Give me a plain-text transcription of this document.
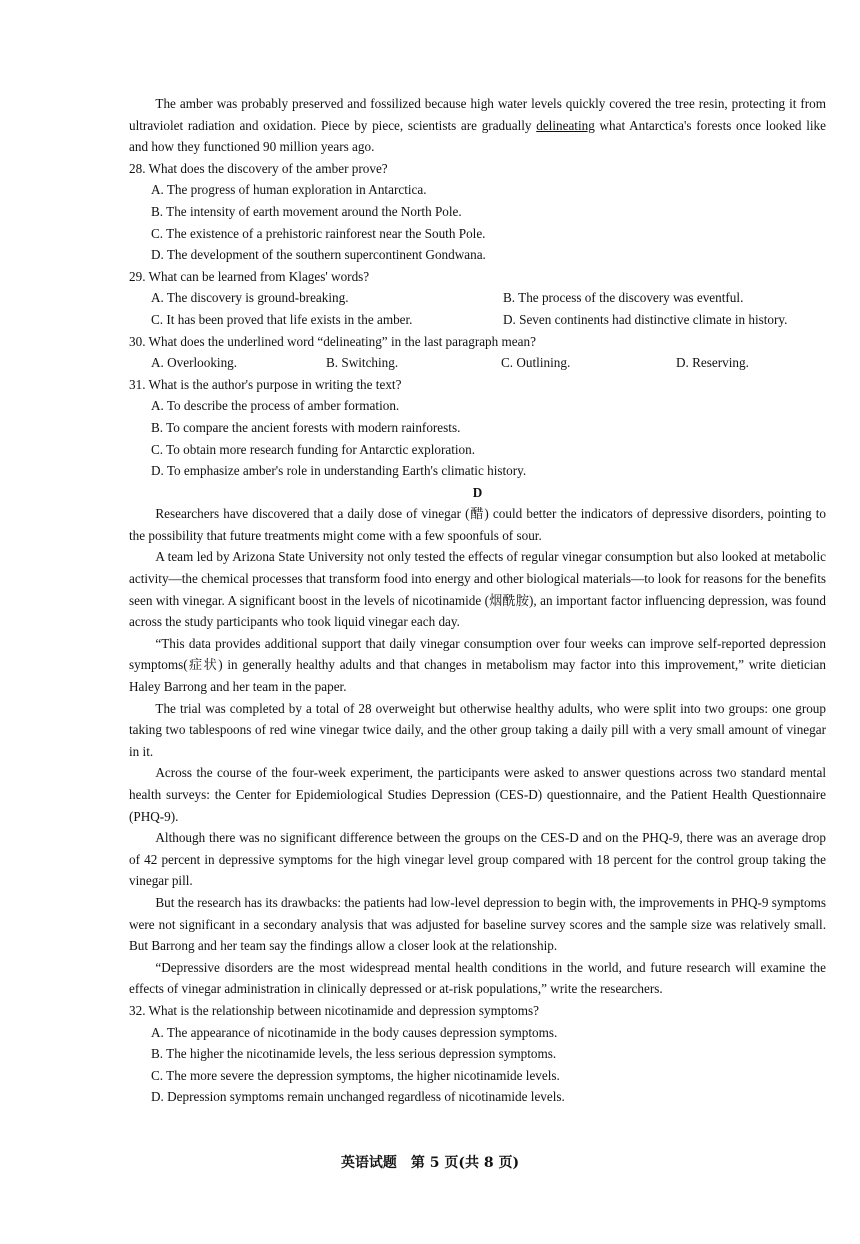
The amber was probably preserved and fossilized because high water levels quickly covered the tree resin, protecting it from ultraviolet radiation and oxidation. Piece by piece, scientists are gradually delineating what Antarctica's forests once looked like and how they functioned 90 million years ago.

28. What does the discovery of the amber prove?
A. The progress of human exploration in Antarctica.
B. The intensity of earth movement around the North Pole.
C. The existence of a prehistoric rainforest near the South Pole.
D. The development of the southern supercontinent Gondwana.
29. What can be learned from Klages' words?
A. The discovery is ground-breaking.	B. The process of the discovery was eventful.
C. It has been proved that life exists in the amber.	D. Seven continents had distinctive climate in history.
30. What does the underlined word “delineating” in the last paragraph mean?
A. Overlooking.	B. Switching.	C. Outlining.	D. Reserving.
31. What is the author's purpose in writing the text?
A. To describe the process of amber formation.
B. To compare the ancient forests with modern rainforests.
C. To obtain more research funding for Antarctic exploration.
D. To emphasize amber's role in understanding Earth's climatic history.
D

Researchers have discovered that a daily dose of vinegar (醋) could better the indicators of depressive disorders, pointing to the possibility that future treatments might come with a few spoonfuls of sour.

A team led by Arizona State University not only tested the effects of regular vinegar consumption but also looked at metabolic activity—the chemical processes that transform food into energy and other biological materials—to look for reasons for the benefits seen with vinegar. A significant boost in the levels of nicotinamide (烟酰胺), an important factor influencing depression, was found across the study participants who took liquid vinegar each day.

“This data provides additional support that daily vinegar consumption over four weeks can improve self-reported depression symptoms(症状) in generally healthy adults and that changes in metabolism may factor into this improvement,” write dietician Haley Barrong and her team in the paper.

The trial was completed by a total of 28 overweight but otherwise healthy adults, who were split into two groups: one group taking two tablespoons of red wine vinegar twice daily, and the other group taking a daily pill with a very small amount of vinegar in it.

Across the course of the four-week experiment, the participants were asked to answer questions across two standard mental health surveys: the Center for Epidemiological Studies Depression (CES-D) questionnaire, and the Patient Health Questionnaire (PHQ-9).

Although there was no significant difference between the groups on the CES-D and on the PHQ-9, there was an average drop of 42 percent in depressive symptoms for the high vinegar level group compared with 18 percent for the control group taking the vinegar pill.

But the research has its drawbacks: the patients had low-level depression to begin with, the improvements in PHQ-9 symptoms were not significant in a secondary analysis that was adjusted for baseline survey scores and the sample size was relatively small. But Barrong and her team say the findings allow a closer look at the relationship.

“Depressive disorders are the most widespread mental health conditions in the world, and future research will examine the effects of vinegar administration in clinically depressed or at-risk populations,” write the researchers.

32. What is the relationship between nicotinamide and depression symptoms?
A. The appearance of nicotinamide in the body causes depression symptoms.
B. The higher the nicotinamide levels, the less serious depression symptoms.
C. The more severe the depression symptoms, the higher nicotinamide levels.
D. Depression symptoms remain unchanged regardless of nicotinamide levels.
英语试题　第 5 页(共 8 页)
